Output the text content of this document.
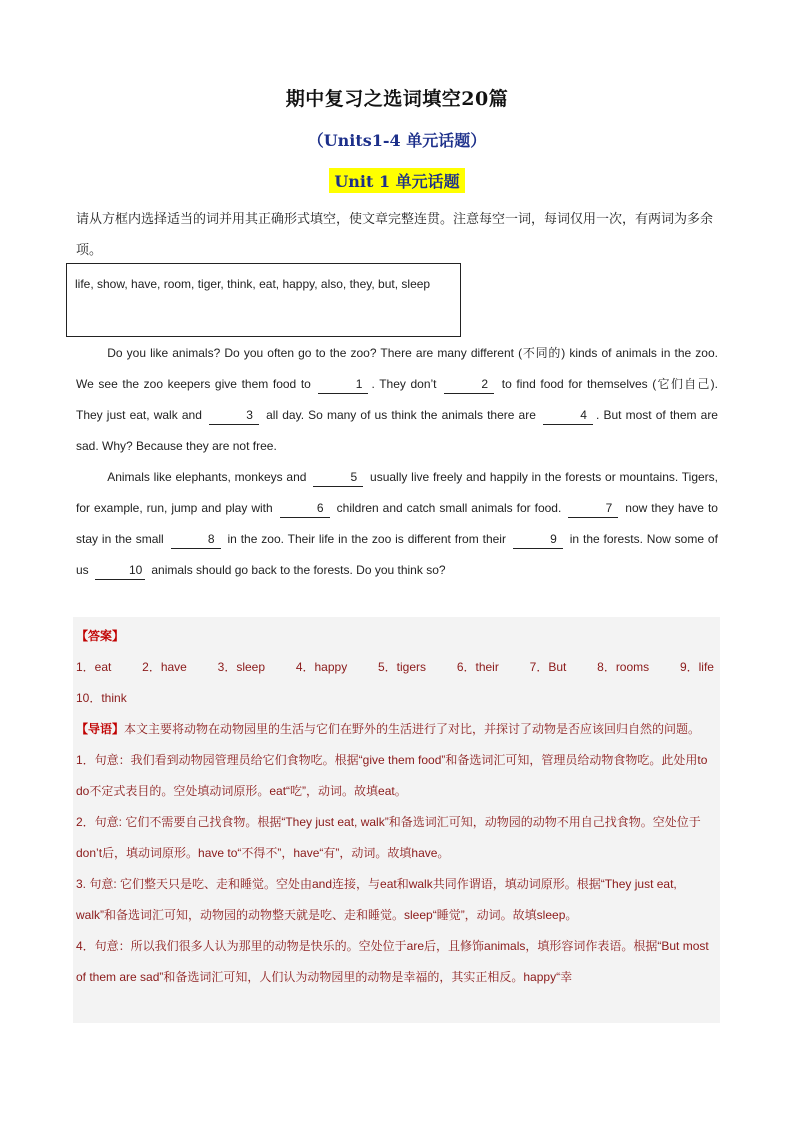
期中复习之选词填空20篇
（Units1-4 单元话题）
Unit 1 单元话题
请从方框内选择适当的词并用其正确形式填空，使文章完整连贯。注意每空一词，每词仅用一次，有两词为多余项。
life, show, have, room, tiger, think, eat, happy, also, they, but, sleep

Do you like animals? Do you often go to the zoo? There are many different (不同的) kinds of animals in the zoo. We see the zoo keepers give them food to	1 . They don’t	2 to find food for themselves (它们自己). They just eat, walk and	3 all day. So many of us think the animals there are	4 . But most of them are sad. Why? Because they are not free.

Animals like elephants, monkeys and	5 usually live freely and happily in the forests or mountains. Tigers, for example, run, jump and play with	6 children and catch small animals for food.	7 now they have to stay in the small	8 in the zoo. Their life in the zoo is different from their	9 in the forests. Now some of us	10 animals should go back to the forests. Do you think so?

【答案】
1．eat	2．have	3．sleep	4．happy	5．tigers	6．their	7．But	8．rooms	9．life
10．think
【导语】本文主要将动物在动物园里的生活与它们在野外的生活进行了对比，并探讨了动物是否应该回归自然的问题。
1．句意：我们看到动物园管理员给它们食物吃。根据“give them food”和备选词汇可知，管理员给动物食物吃。此处用to do不定式表目的。空处填动词原形。eat“吃”，动词。故填eat。
2．句意: 它们不需要自己找食物。根据“They just eat, walk”和备选词汇可知，动物园的动物不用自己找食物。空处位于don’t后，填动词原形。have to“不得不”，have“有”，动词。故填have。
3. 句意: 它们整天只是吃、走和睡觉。空处由and连接，与eat和walk共同作谓语，填动词原形。根据“They just eat, walk”和备选词汇可知，动物园的动物整天就是吃、走和睡觉。sleep“睡觉”，动词。故填sleep。
4．句意：所以我们很多人认为那里的动物是快乐的。空处位于are后，且修饰animals，填形容词作表语。根据“But most of them are sad”和备选词汇可知，人们认为动物园里的动物是幸福的，其实正相反。happy“幸
